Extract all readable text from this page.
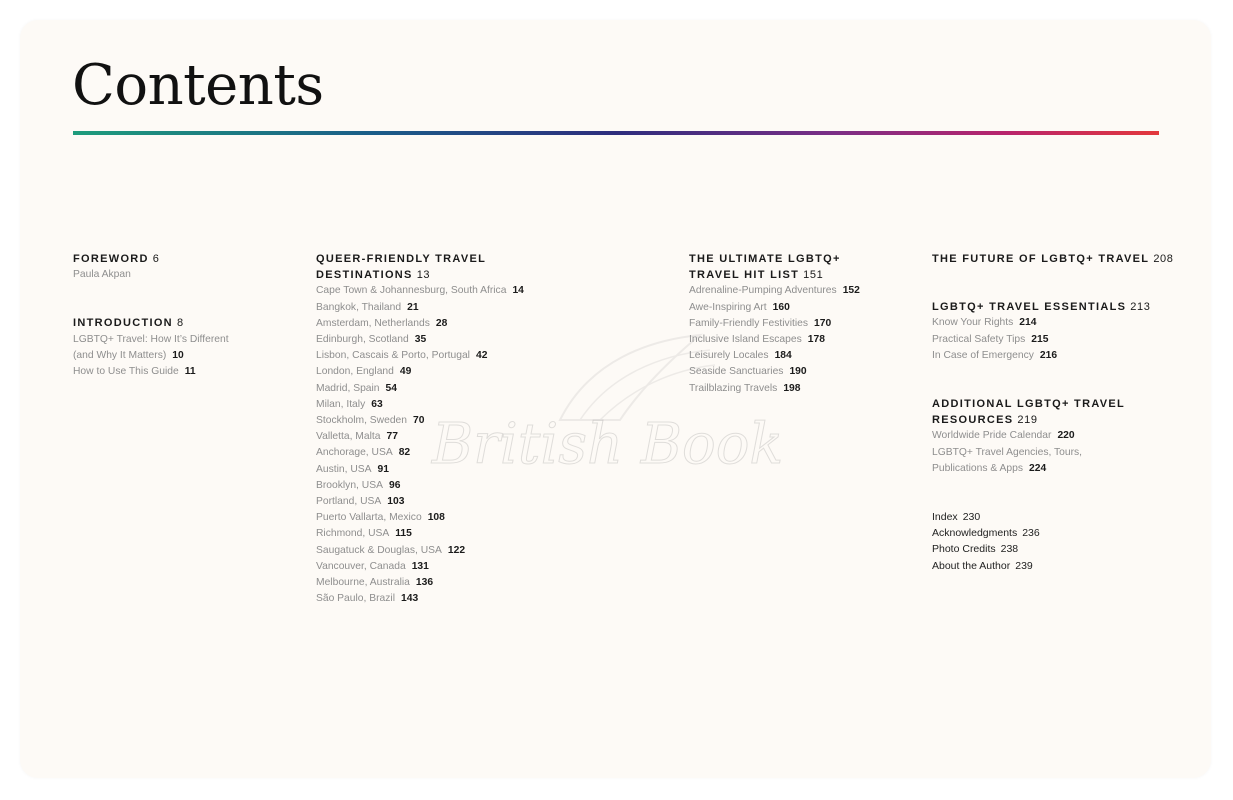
Contents
British Book

FOREWORD 6

Paula Akpan

INTRODUCTION 8

LGBTQ+ Travel: How It’s Different
(and Why It Matters) 10
How to Use This Guide 11

QUEER-FRIENDLY TRAVEL
DESTINATIONS 13

Cape Town & Johannesburg, South Africa 14
Bangkok, Thailand 21
Amsterdam, Netherlands 28
Edinburgh, Scotland 35
Lisbon, Cascais & Porto, Portugal 42
London, England 49
Madrid, Spain 54
Milan, Italy 63
Stockholm, Sweden 70
Valletta, Malta 77
Anchorage, USA 82
Austin, USA 91
Brooklyn, USA 96
Portland, USA 103
Puerto Vallarta, Mexico 108
Richmond, USA 115
Saugatuck & Douglas, USA 122
Vancouver, Canada 131
Melbourne, Australia 136
São Paulo, Brazil 143

THE ULTIMATE LGBTQ+
TRAVEL HIT LIST 151

Adrenaline-Pumping Adventures 152
Awe-Inspiring Art 160
Family-Friendly Festivities 170
Inclusive Island Escapes 178
Leisurely Locales 184
Seaside Sanctuaries 190
Trailblazing Travels 198

THE FUTURE OF LGBTQ+ TRAVEL 208

LGBTQ+ TRAVEL ESSENTIALS 213

Know Your Rights 214
Practical Safety Tips 215
In Case of Emergency 216

ADDITIONAL LGBTQ+ TRAVEL
RESOURCES 219

Worldwide Pride Calendar 220
LGBTQ+ Travel Agencies, Tours,
Publications & Apps 224
Index 230
Acknowledgments 236
Photo Credits 238
About the Author 239
